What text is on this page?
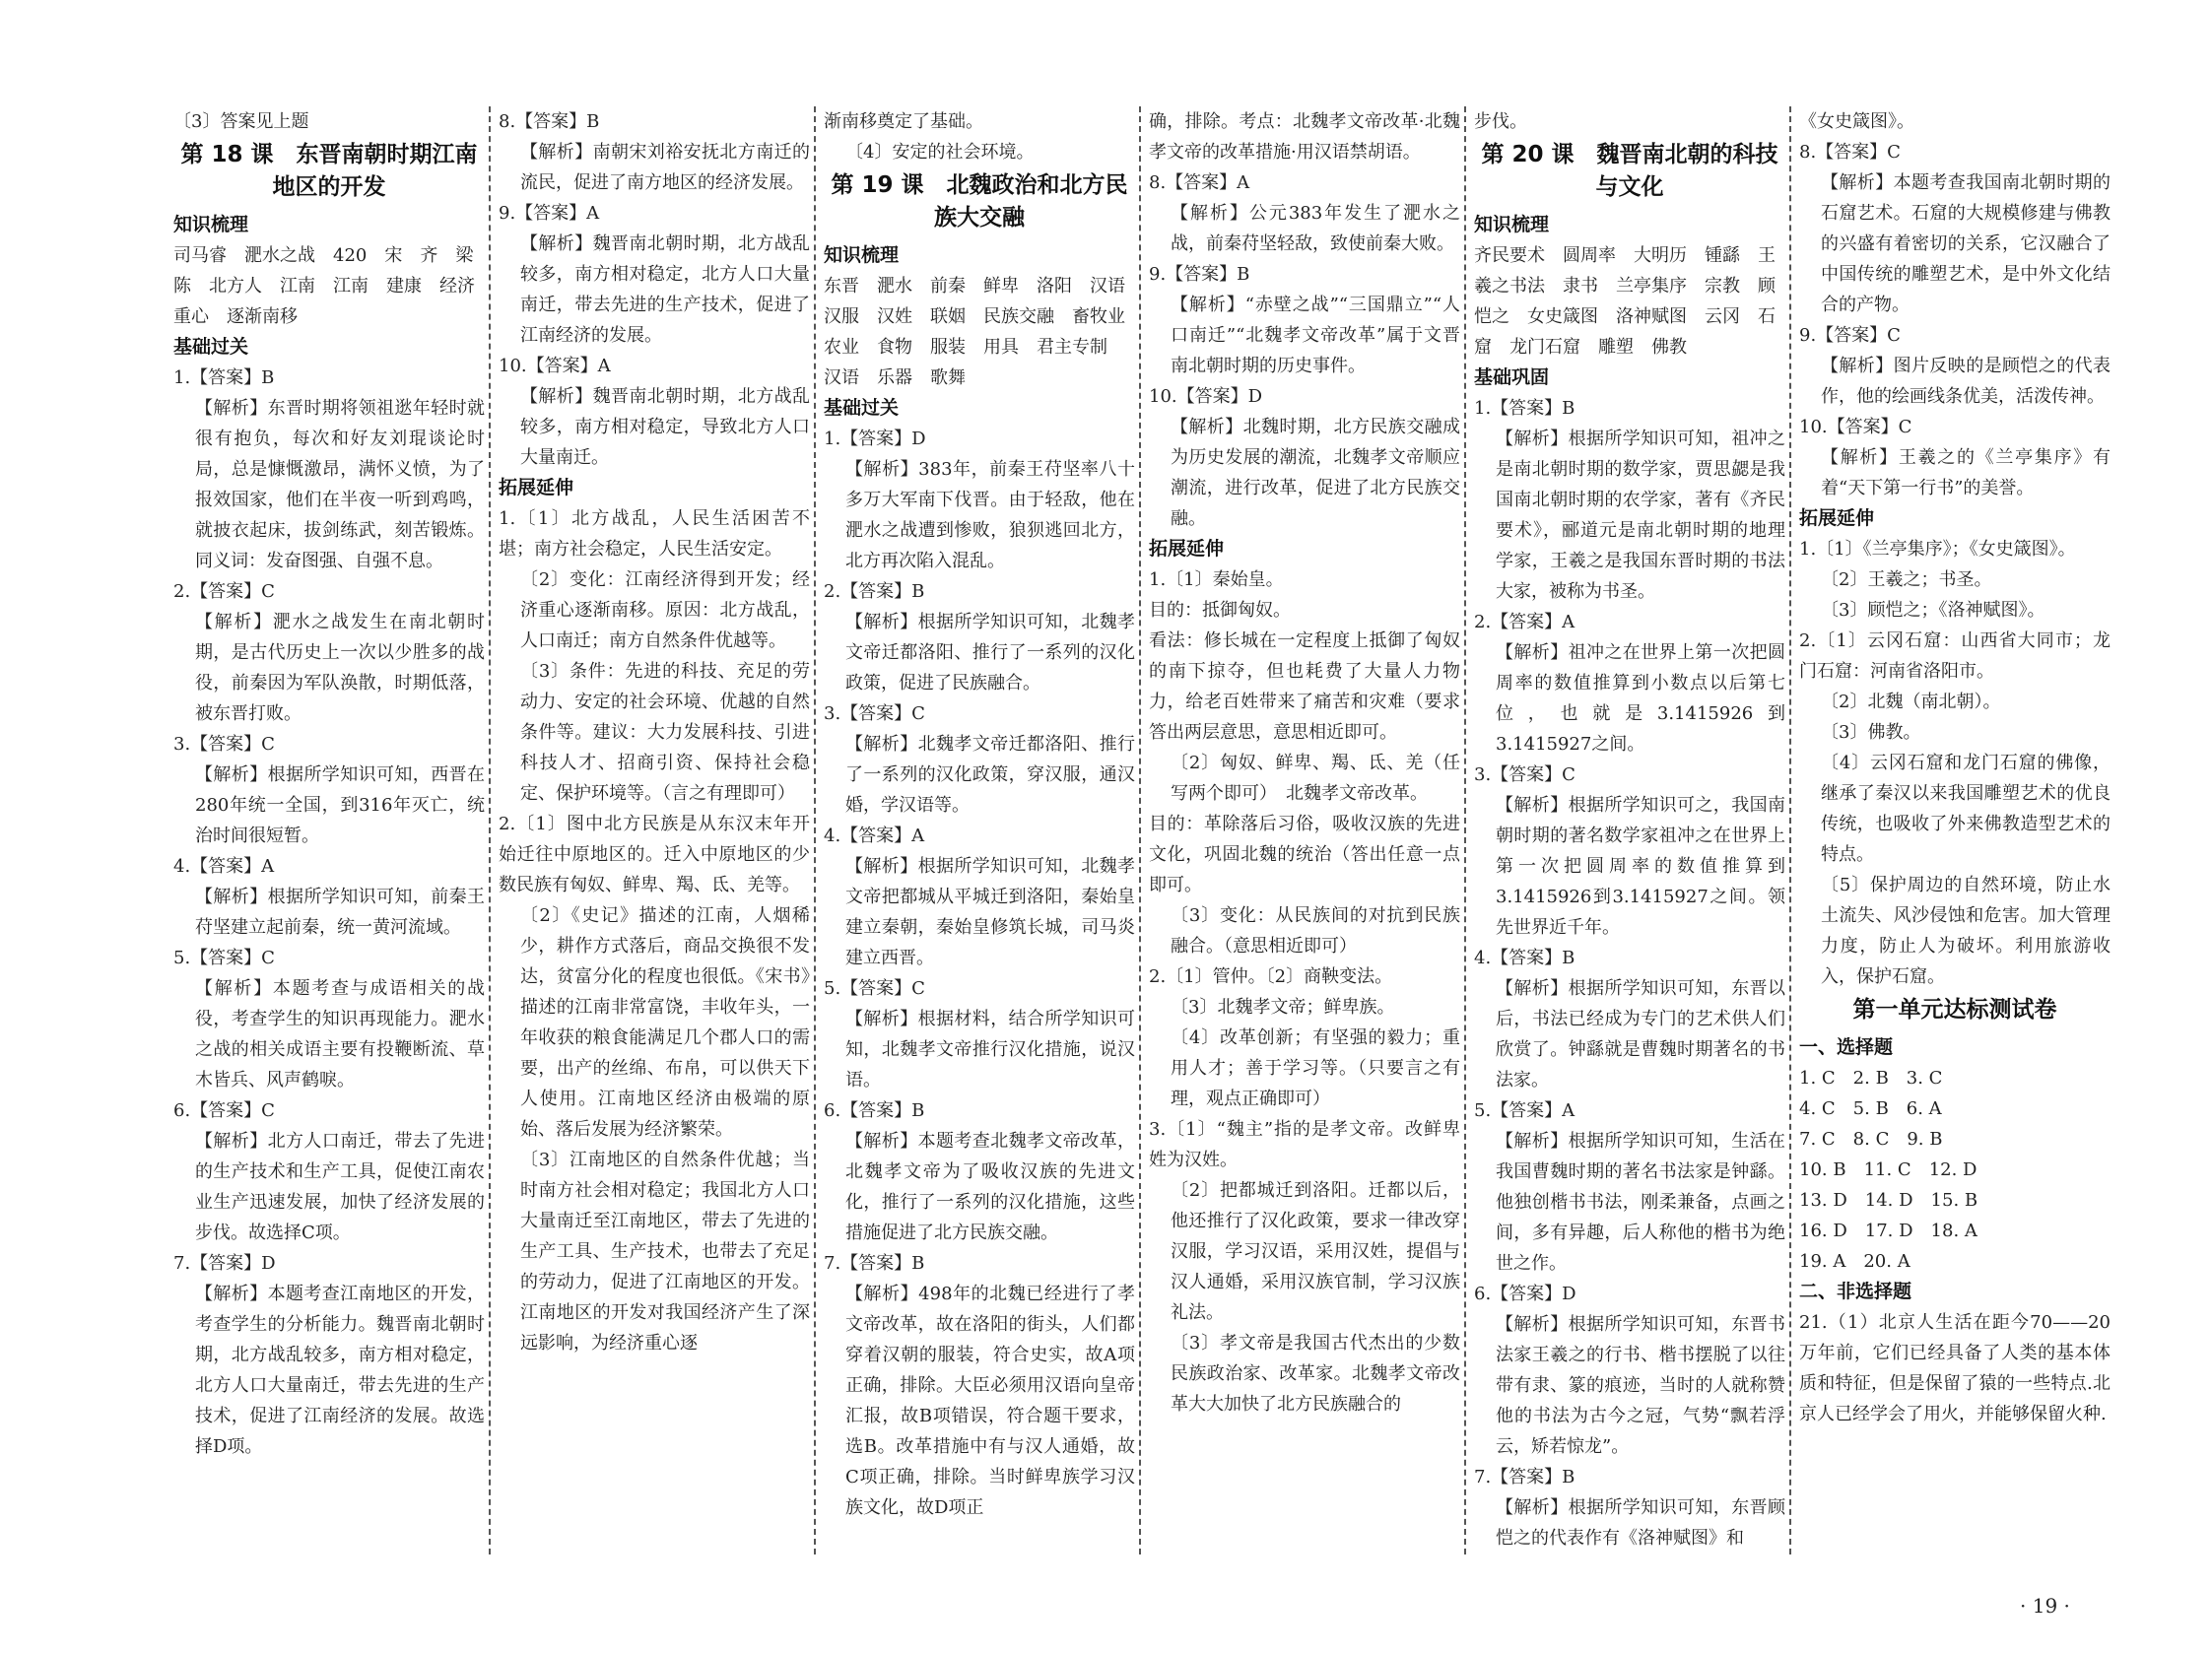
〔3〕答案见上题
第 18 课　东晋南朝时期江南地区的开发
知识梳理
司马睿　淝水之战　420　宋　齐　梁　陈　北方人　江南　江南　建康　经济重心　逐渐南移
基础过关
1.【答案】B
【解析】东晋时期将领祖逖年轻时就很有抱负，每次和好友刘琨谈论时局，总是慷慨激昂，满怀义愤，为了报效国家，他们在半夜一听到鸡鸣，就披衣起床，拔剑练武，刻苦锻炼。同义词：发奋图强、自强不息。
2.【答案】C
【解析】淝水之战发生在南北朝时期，是古代历史上一次以少胜多的战役，前秦因为军队涣散，时期低落，被东晋打败。
3.【答案】C
【解析】根据所学知识可知，西晋在280年统一全国，到316年灭亡，统治时间很短暂。
4.【答案】A
【解析】根据所学知识可知，前秦王苻坚建立起前秦，统一黄河流域。
5.【答案】C
【解析】本题考查与成语相关的战役，考查学生的知识再现能力。淝水之战的相关成语主要有投鞭断流、草木皆兵、风声鹤唳。
6.【答案】C
【解析】北方人口南迁，带去了先进的生产技术和生产工具，促使江南农业生产迅速发展，加快了经济发展的步伐。故选择C项。
7.【答案】D
【解析】本题考查江南地区的开发，考查学生的分析能力。魏晋南北朝时期，北方战乱较多，南方相对稳定，北方人口大量南迁，带去先进的生产技术，促进了江南经济的发展。故选择D项。
8.【答案】B
【解析】南朝宋刘裕安抚北方南迁的流民，促进了南方地区的经济发展。
9.【答案】A
【解析】魏晋南北朝时期，北方战乱较多，南方相对稳定，北方人口大量南迁，带去先进的生产技术，促进了江南经济的发展。
10.【答案】A
【解析】魏晋南北朝时期，北方战乱较多，南方相对稳定，导致北方人口大量南迁。
拓展延伸
1.〔1〕北方战乱，人民生活困苦不堪；南方社会稳定，人民生活安定。
〔2〕变化：江南经济得到开发；经济重心逐渐南移。原因：北方战乱，人口南迁；南方自然条件优越等。
〔3〕条件：先进的科技、充足的劳动力、安定的社会环境、优越的自然条件等。建议：大力发展科技、引进科技人才、招商引资、保持社会稳定、保护环境等。（言之有理即可）
2.〔1〕图中北方民族是从东汉末年开始迁往中原地区的。迁入中原地区的少数民族有匈奴、鲜卑、羯、氐、羌等。
〔2〕《史记》描述的江南，人烟稀少，耕作方式落后，商品交换很不发达，贫富分化的程度也很低。《宋书》描述的江南非常富饶，丰收年头，一年收获的粮食能满足几个郡人口的需要，出产的丝绵、布帛，可以供天下人使用。江南地区经济由极端的原始、落后发展为经济繁荣。
〔3〕江南地区的自然条件优越；当时南方社会相对稳定；我国北方人口大量南迁至江南地区，带去了先进的生产工具、生产技术，也带去了充足的劳动力，促进了江南地区的开发。江南地区的开发对我国经济产生了深远影响，为经济重心逐
渐南移奠定了基础。
〔4〕安定的社会环境。
第 19 课　北魏政治和北方民族大交融
知识梳理
东晋　淝水　前秦　鲜卑　洛阳　汉语　汉服　汉姓　联姻　民族交融　畜牧业　农业　食物　服装　用具　君主专制　汉语　乐器　歌舞
基础过关
1.【答案】D
【解析】383年，前秦王苻坚率八十多万大军南下伐晋。由于轻敌，他在淝水之战遭到惨败，狼狈逃回北方，北方再次陷入混乱。
2.【答案】B
【解析】根据所学知识可知，北魏孝文帝迁都洛阳、推行了一系列的汉化政策，促进了民族融合。
3.【答案】C
【解析】北魏孝文帝迁都洛阳、推行了一系列的汉化政策，穿汉服，通汉婚，学汉语等。
4.【答案】A
【解析】根据所学知识可知，北魏孝文帝把都城从平城迁到洛阳，秦始皇建立秦朝，秦始皇修筑长城，司马炎建立西晋。
5.【答案】C
【解析】根据材料，结合所学知识可知，北魏孝文帝推行汉化措施，说汉语。
6.【答案】B
【解析】本题考查北魏孝文帝改革，北魏孝文帝为了吸收汉族的先进文化，推行了一系列的汉化措施，这些措施促进了北方民族交融。
7.【答案】B
【解析】498年的北魏已经进行了孝文帝改革，故在洛阳的街头，人们都穿着汉朝的服装，符合史实，故A项正确，排除。大臣必须用汉语向皇帝汇报，故B项错误，符合题干要求，选B。改革措施中有与汉人通婚，故C项正确，排除。当时鲜卑族学习汉族文化，故D项正
确，排除。考点：北魏孝文帝改革·北魏孝文帝的改革措施·用汉语禁胡语。
8.【答案】A
【解析】公元383年发生了淝水之战，前秦苻坚轻敌，致使前秦大败。
9.【答案】B
【解析】“赤壁之战”“三国鼎立”“人口南迁”“北魏孝文帝改革”属于文晋南北朝时期的历史事件。
10.【答案】D
【解析】北魏时期，北方民族交融成为历史发展的潮流，北魏孝文帝顺应潮流，进行改革，促进了北方民族交融。
拓展延伸
1.〔1〕秦始皇。
目的：抵御匈奴。
看法：修长城在一定程度上抵御了匈奴的南下掠夺，但也耗费了大量人力物力，给老百姓带来了痛苦和灾难（要求答出两层意思，意思相近即可。
〔2〕匈奴、鲜卑、羯、氐、羌（任写两个即可）　北魏孝文帝改革。
目的：革除落后习俗，吸收汉族的先进文化，巩固北魏的统治（答出任意一点即可。
〔3〕变化：从民族间的对抗到民族融合。（意思相近即可）
2.〔1〕管仲。〔2〕商鞅变法。
〔3〕北魏孝文帝；鲜卑族。
〔4〕改革创新；有坚强的毅力；重用人才；善于学习等。（只要言之有理，观点正确即可）
3.〔1〕“魏主”指的是孝文帝。改鲜卑姓为汉姓。
〔2〕把都城迁到洛阳。迁都以后，他还推行了汉化政策，要求一律改穿汉服，学习汉语，采用汉姓，提倡与汉人通婚，采用汉族官制，学习汉族礼法。
〔3〕孝文帝是我国古代杰出的少数民族政治家、改革家。北魏孝文帝改革大大加快了北方民族融合的
步伐。
第 20 课　魏晋南北朝的科技与文化
知识梳理
齐民要术　圆周率　大明历　锺繇　王羲之书法　隶书　兰亭集序　宗教　顾恺之　女史箴图　洛神赋图　云冈　石窟　龙门石窟　雕塑　佛教
基础巩固
1.【答案】B
【解析】根据所学知识可知，祖冲之是南北朝时期的数学家，贾思勰是我国南北朝时期的农学家，著有《齐民要术》，郦道元是南北朝时期的地理学家，王羲之是我国东晋时期的书法大家，被称为书圣。
2.【答案】A
【解析】祖冲之在世界上第一次把圆周率的数值推算到小数点以后第七位，也就是3.1415926到3.1415927之间。
3.【答案】C
【解析】根据所学知识可之，我国南朝时期的著名数学家祖冲之在世界上第一次把圆周率的数值推算到3.1415926到3.1415927之间。领先世界近千年。
4.【答案】B
【解析】根据所学知识可知，东晋以后，书法已经成为专门的艺术供人们欣赏了。钟繇就是曹魏时期著名的书法家。
5.【答案】A
【解析】根据所学知识可知，生活在我国曹魏时期的著名书法家是钟繇。他独创楷书书法，刚柔兼备，点画之间，多有异趣，后人称他的楷书为绝世之作。
6.【答案】D
【解析】根据所学知识可知，东晋书法家王羲之的行书、楷书摆脱了以往带有隶、篆的痕迹，当时的人就称赞他的书法为古今之冠，气势“飘若浮云，矫若惊龙”。
7.【答案】B
【解析】根据所学知识可知，东晋顾恺之的代表作有《洛神赋图》和
《女史箴图》。
8.【答案】C
【解析】本题考查我国南北朝时期的石窟艺术。石窟的大规模修建与佛教的兴盛有着密切的关系，它汉融合了中国传统的雕塑艺术，是中外文化结合的产物。
9.【答案】C
【解析】图片反映的是顾恺之的代表作，他的绘画线条优美，活泼传神。
10.【答案】C
【解析】王羲之的《兰亭集序》有着“天下第一行书”的美誉。
拓展延伸
1.〔1〕《兰亭集序》；《女史箴图》。
〔2〕王羲之；书圣。
〔3〕顾恺之；《洛神赋图》。
2.〔1〕云冈石窟：山西省大同市；龙门石窟：河南省洛阳市。
〔2〕北魏（南北朝）。
〔3〕佛教。
〔4〕云冈石窟和龙门石窟的佛像，继承了秦汉以来我国雕塑艺术的优良传统，也吸收了外来佛教造型艺术的特点。
〔5〕保护周边的自然环境，防止水土流失、风沙侵蚀和危害。加大管理力度，防止人为破坏。利用旅游收入，保护石窟。
第一单元达标测试卷
一、选择题
1. C　2. B　3. C
4. C　5. B　6. A
7. C　8. C　9. B
10. B　11. C　12. D
13. D　14. D　15. B
16. D　17. D　18. A
19. A　20. A
二、非选择题
21.（1）北京人生活在距今70——20万年前，它们已经具备了人类的基本体质和特征，但是保留了猿的一些特点.北京人已经学会了用火，并能够保留火种.
· 19 ·
